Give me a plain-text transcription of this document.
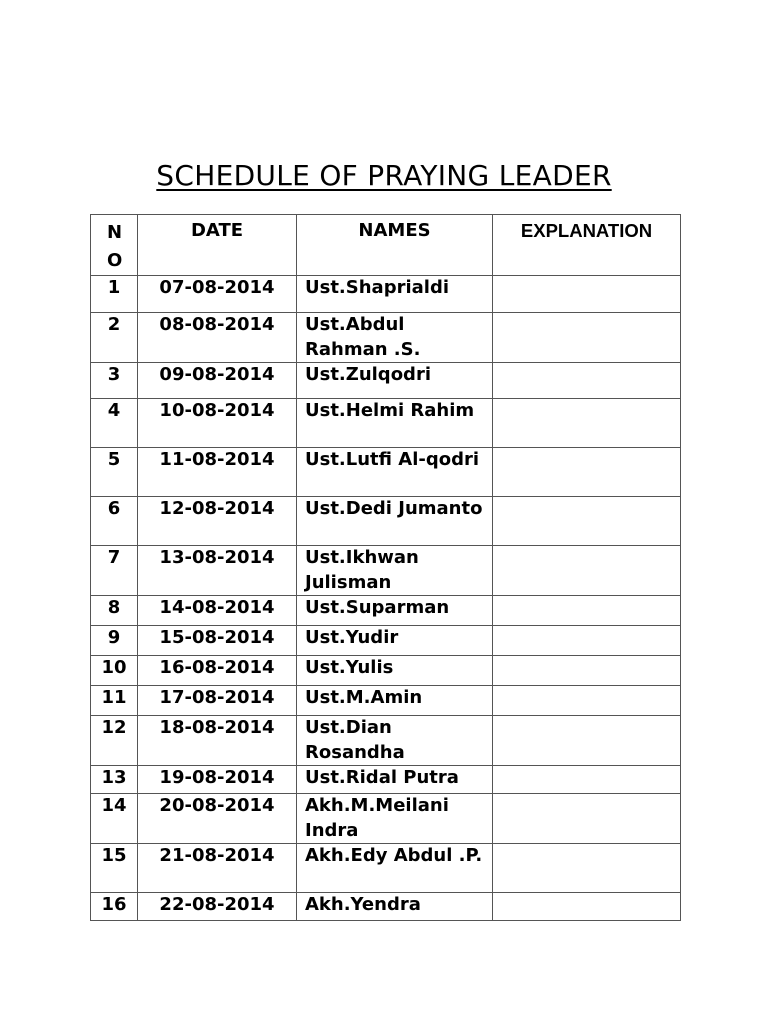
SCHEDULE OF PRAYING LEADER
NO	DATE	NAMES	EXPLANATION
1	07-08-2014	Ust.Shaprialdi	
2	08-08-2014	Ust.Abdul Rahman .S.	
3	09-08-2014	Ust.Zulqodri	
4	10-08-2014	Ust.Helmi Rahim	
5	11-08-2014	Ust.Lutfi Al-qodri	
6	12-08-2014	Ust.Dedi Jumanto	
7	13-08-2014	Ust.Ikhwan Julisman	
8	14-08-2014	Ust.Suparman	
9	15-08-2014	Ust.Yudir	
10	16-08-2014	Ust.Yulis	
11	17-08-2014	Ust.M.Amin	
12	18-08-2014	Ust.Dian Rosandha	
13	19-08-2014	Ust.Ridal Putra	
14	20-08-2014	Akh.M.Meilani Indra	
15	21-08-2014	Akh.Edy Abdul .P.	
16	22-08-2014	Akh.Yendra	
